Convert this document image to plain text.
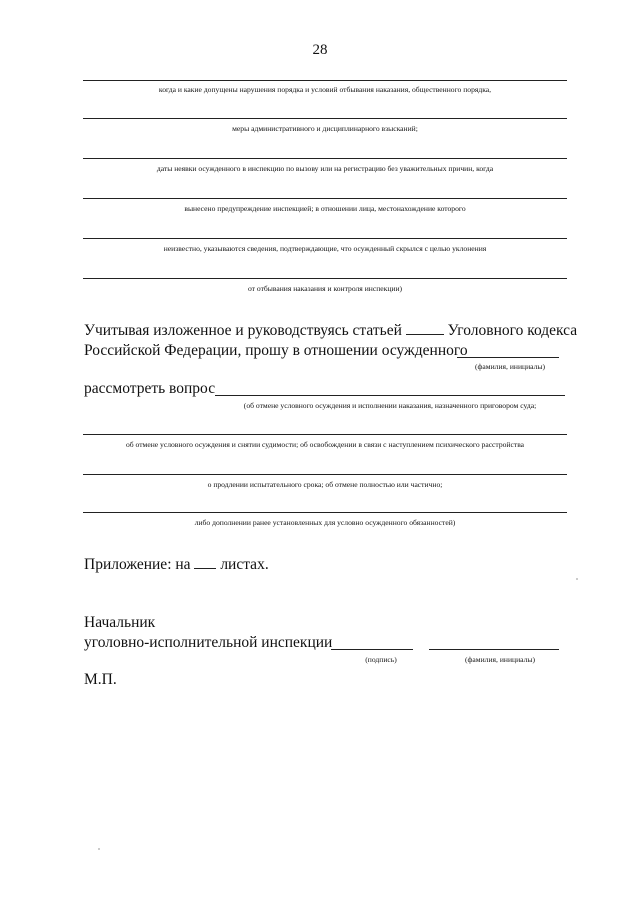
28
когда и какие допущены нарушения порядка и условий отбывания наказания, общественного порядка,
меры административного и дисциплинарного взысканий;
даты неявки осужденного в инспекцию по вызову или на регистрацию без уважительных причин, когда
вынесено предупреждение инспекцией; в отношении лица, местонахождение которого
неизвестно, указываются сведения, подтверждающие, что осужденный скрылся с целью уклонения
от отбывания наказания и контроля инспекции)
Учитывая изложенное и руководствуясь статьей	Уголовного кодекса
Российской Федерации, прошу в отношении осужденного
(фамилия, инициалы)
рассмотреть вопрос
(об отмене условного осуждения и исполнении наказания, назначенного приговором суда;
об отмене условного осуждения и снятии судимости; об освобождении в связи с наступлением психического расстройства
о продлении испытательного срока; об отмене полностью или частично;
либо дополнении ранее установленных для условно осужденного обязанностей)
Приложение: на листах.
Начальник
уголовно-исполнительной инспекции
(подпись)	(фамилия, инициалы)
М.П.
